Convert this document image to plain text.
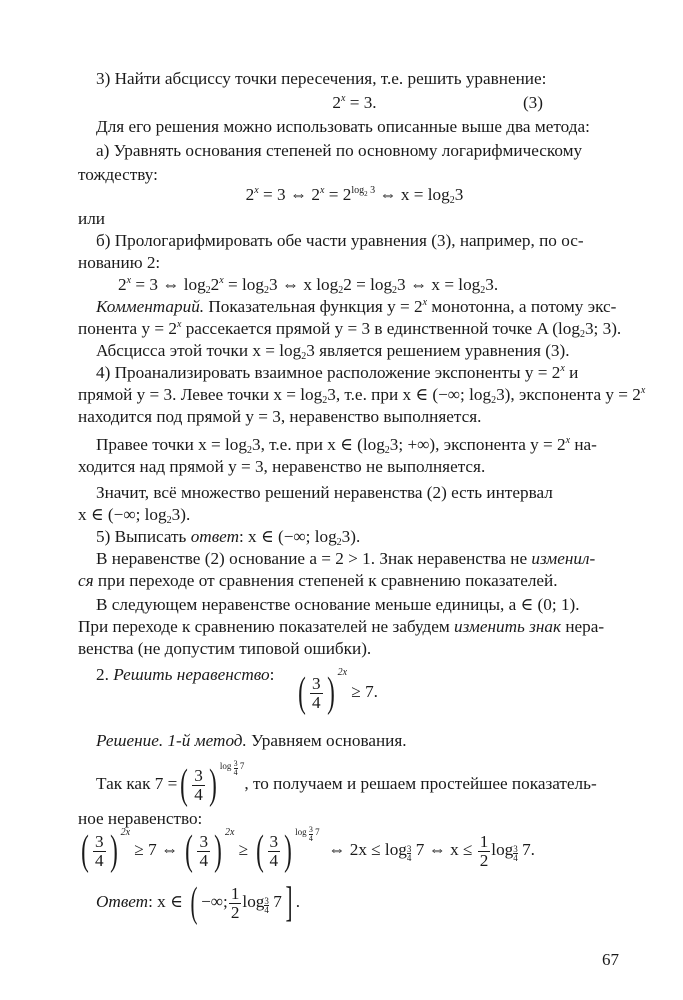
3) Найти абсциссу точки пересечения, т.е. решить уравнение:
$2^x = 3$.	(3)
Для его решения можно использовать описанные выше два метода:
а) Уравнять основания степеней по основному логарифмическому
тождеству:
$2^x = 3$ ⇔ $2^x = 2^{log_2 3}$ ⇔ $x = \log_23$
или
б) Прологарифмировать обе части уравнения (3), например, по ос-
нованию 2:
$2^x = 3$ ⇔ $\log_22^x = \log_23$ ⇔ x $\log_22 = \log_23$ ⇔ $x = \log_23$.
Комментарий. Показательная функция $y = 2^x$ монотонна, а потому экс-
понента $y = 2^x$ рассекается прямой y = 3 в единственной точке A ($\log_23$; 3).
Абсцисса этой точки $x = \log_23$ является решением уравнения (3).
4) Проанализировать взаимное расположение экспоненты $y = 2^x$ и
прямой y = 3. Левее точки $x = \log_23$, т.е. при x ∈ (−∞; $\log_23$), экспонента $y = 2^x$
находится под прямой y = 3, неравенство выполняется.
Правее точки $x = \log_23$, т.е. при x ∈ ($\log_23$; +∞), экспонента $y = 2^x$ на-
ходится над прямой y = 3, неравенство не выполняется.
Значит, всё множество решений неравенства (2) есть интервал
x ∈ (−∞; $\log_23$).
5) Выписать ответ: x ∈ (−∞; $\log_23$).
В неравенстве (2) основание a = 2 > 1. Знак неравенства не изменил-
ся при переходе от сравнения степеней к сравнению показателей.
В следующем неравенстве основание меньше единицы, a ∈ (0; 1).
При переходе к сравнению показателей не забудем изменить знак нера-
венства (не допустим типовой ошибки).
2. Решить неравенство: ( $\frac{3}{4}$ ) $^{2x}$ ≥ 7.
Решение. 1-й метод. Уравняем основания.
Так как 7 =( $\frac{3}{4}$ ) $^{log \frac{3}{4} 7}$, то получаем и решаем простейшее показатель-
ное неравенство:
( $\frac{3}{4}$ ) $^{2x}$ ≥ 7 ⇔ ( $\frac{3}{4}$ ) $^{2x}$ ≥ ( $\frac{3}{4}$ ) $^{log \frac{3}{4} 7}$  ⇔ $2x \le \log \frac{3}{4} 7$ ⇔ $x \le \frac{1}{2}$ $\log \frac{3}{4} 7$.
Ответ: x ∈ ( −∞; $\frac{1}{2}$ $\log \frac{3}{4} 7$] .
67
